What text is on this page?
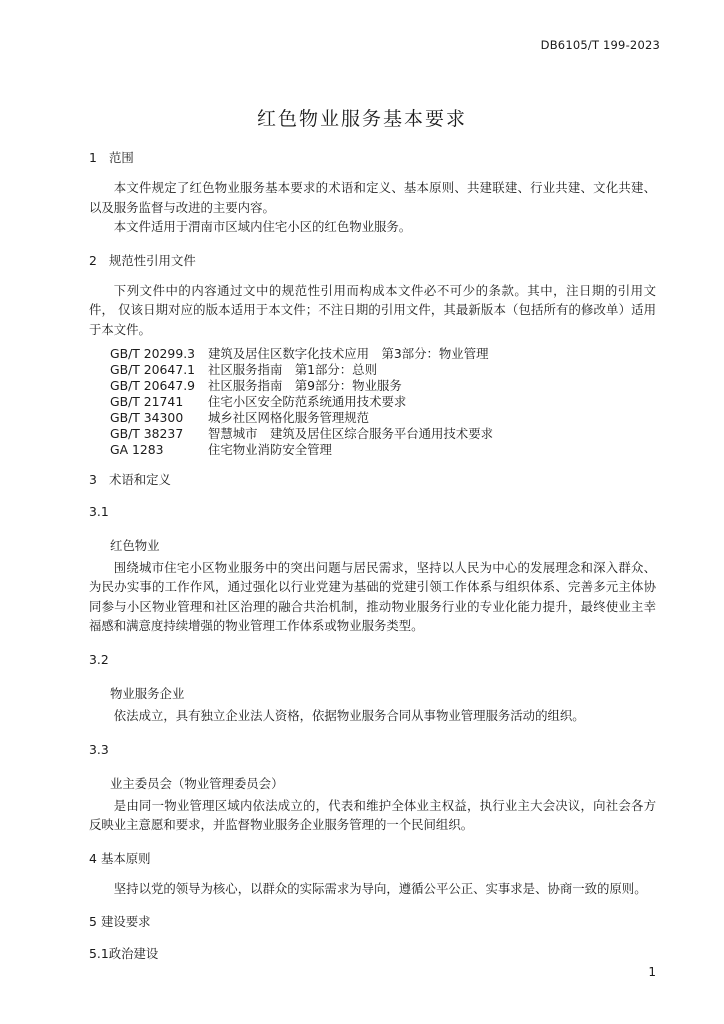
DB6105/T 199-2023
红色物业服务基本要求
1 范围

本文件规定了红色物业服务基本要求的术语和定义、基本原则、共建联建、行业共建、文化共建、以及服务监督与改进的主要内容。

本文件适用于渭南市区域内住宅小区的红色物业服务。

2 规范性引用文件

下列文件中的内容通过文中的规范性引用而构成本文件必不可少的条款。其中，注日期的引用文件， 仅该日期对应的版本适用于本文件；不注日期的引用文件，其最新版本（包括所有的修改单）适用于本文件。

GB/T 20299.3	建筑及居住区数字化技术应用　第3部分：物业管理
GB/T 20647.1	社区服务指南　第1部分：总则
GB/T 20647.9	社区服务指南　第9部分：物业服务
GB/T 21741	住宅小区安全防范系统通用技术要求
GB/T 34300	城乡社区网格化服务管理规范
GB/T 38237	智慧城市　建筑及居住区综合服务平台通用技术要求
GA 1283	住宅物业消防安全管理
3 术语和定义
3.1
红色物业

围绕城市住宅小区物业服务中的突出问题与居民需求，坚持以人民为中心的发展理念和深入群众、为民办实事的工作作风，通过强化以行业党建为基础的党建引领工作体系与组织体系、完善多元主体协同参与小区物业管理和社区治理的融合共治机制，推动物业服务行业的专业化能力提升，最终使业主幸福感和满意度持续增强的物业管理工作体系或物业服务类型。

3.2
物业服务企业

依法成立，具有独立企业法人资格，依据物业服务合同从事物业管理服务活动的组织。

3.3
业主委员会（物业管理委员会）

是由同一物业管理区域内依法成立的，代表和维护全体业主权益，执行业主大会决议，向社会各方反映业主意愿和要求，并监督物业服务企业服务管理的一个民间组织。

4 基本原则

坚持以党的领导为核心，以群众的实际需求为导向，遵循公平公正、实事求是、协商一致的原则。

5 建设要求
5.1政治建设
1
